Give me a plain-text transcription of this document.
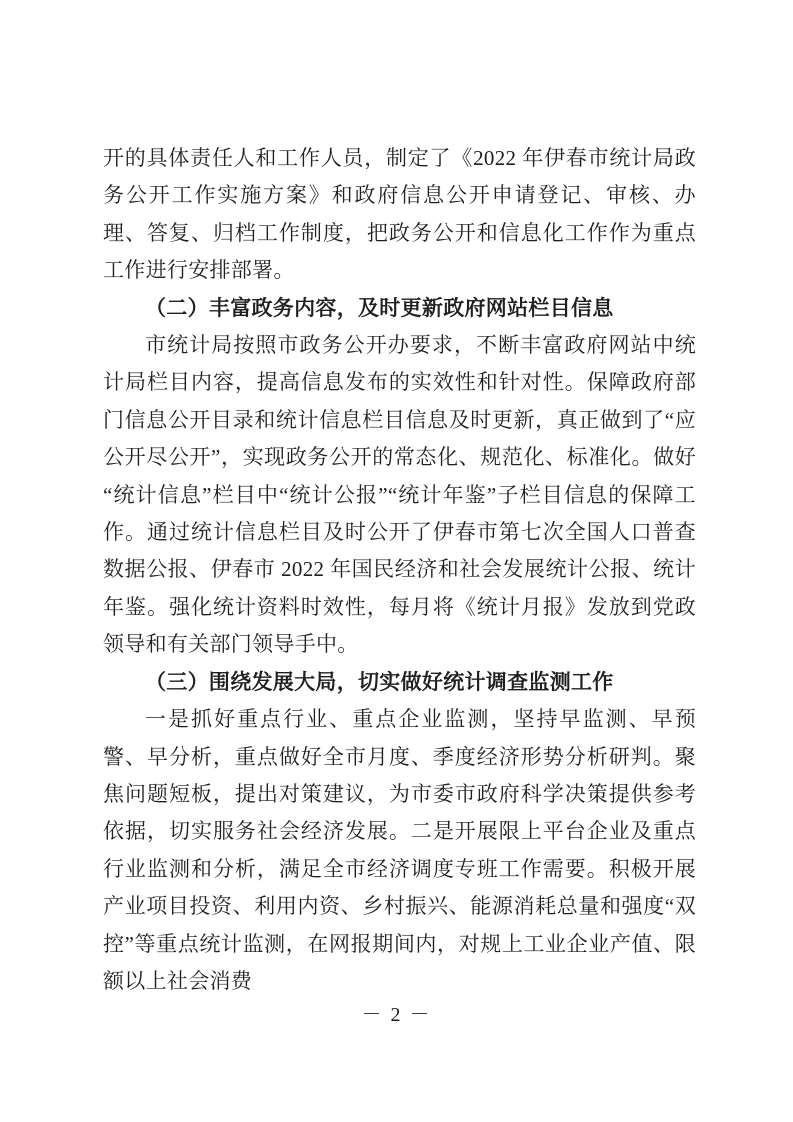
开的具体责任人和工作人员，制定了《2022 年伊春市统计局政务公开工作实施方案》和政府信息公开申请登记、审核、办理、答复、归档工作制度，把政务公开和信息化工作作为重点工作进行安排部署。

（二）丰富政务内容，及时更新政府网站栏目信息

市统计局按照市政务公开办要求，不断丰富政府网站中统计局栏目内容，提高信息发布的实效性和针对性。保障政府部门信息公开目录和统计信息栏目信息及时更新，真正做到了“应公开尽公开”，实现政务公开的常态化、规范化、标准化。做好“统计信息”栏目中“统计公报”“统计年鉴”子栏目信息的保障工作。通过统计信息栏目及时公开了伊春市第七次全国人口普查数据公报、伊春市 2022 年国民经济和社会发展统计公报、统计年鉴。强化统计资料时效性，每月将《统计月报》发放到党政领导和有关部门领导手中。

（三）围绕发展大局，切实做好统计调查监测工作

一是抓好重点行业、重点企业监测，坚持早监测、早预警、早分析，重点做好全市月度、季度经济形势分析研判。聚焦问题短板，提出对策建议，为市委市政府科学决策提供参考依据，切实服务社会经济发展。二是开展限上平台企业及重点行业监测和分析，满足全市经济调度专班工作需要。积极开展产业项目投资、利用内资、乡村振兴、能源消耗总量和强度“双控”等重点统计监测，在网报期间内，对规上工业企业产值、限额以上社会消费

－ 2 －
